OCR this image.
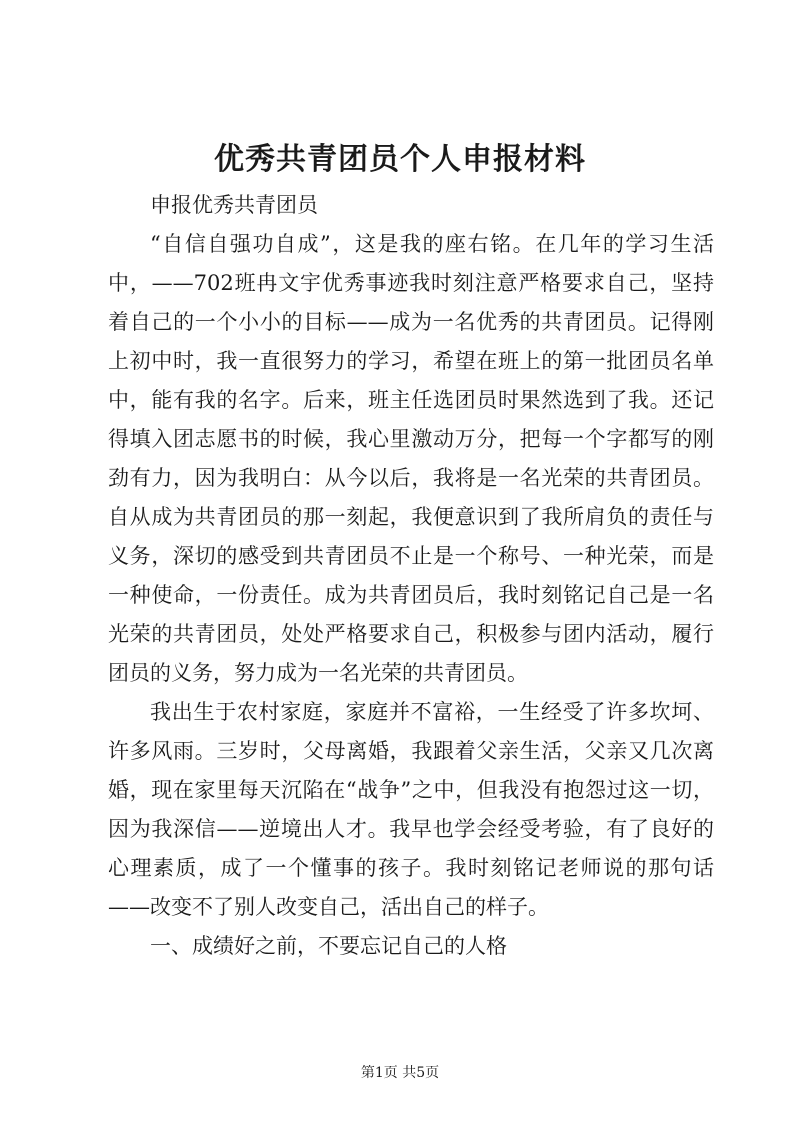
优秀共青团员个人申报材料

申报优秀共青团员

“自信自强功自成”，这是我的座右铭。在几年的学习生活中，——702班冉文宇优秀事迹我时刻注意严格要求自己，坚持着自己的一个小小的目标——成为一名优秀的共青团员。记得刚上初中时，我一直很努力的学习，希望在班上的第一批团员名单中，能有我的名字。后来，班主任选团员时果然选到了我。还记得填入团志愿书的时候，我心里激动万分，把每一个字都写的刚劲有力，因为我明白：从今以后，我将是一名光荣的共青团员。自从成为共青团员的那一刻起，我便意识到了我所肩负的责任与义务，深切的感受到共青团员不止是一个称号、一种光荣，而是一种使命，一份责任。成为共青团员后，我时刻铭记自己是一名光荣的共青团员，处处严格要求自己，积极参与团内活动，履行团员的义务，努力成为一名光荣的共青团员。

我出生于农村家庭，家庭并不富裕，一生经受了许多坎坷、许多风雨。三岁时，父母离婚，我跟着父亲生活，父亲又几次离婚，现在家里每天沉陷在“战争”之中，但我没有抱怨过这一切，因为我深信——逆境出人才。我早也学会经受考验，有了良好的心理素质，成了一个懂事的孩子。我时刻铭记老师说的那句话——改变不了别人改变自己，活出自己的样子。

一、成绩好之前，不要忘记自己的人格

第1页 共5页
